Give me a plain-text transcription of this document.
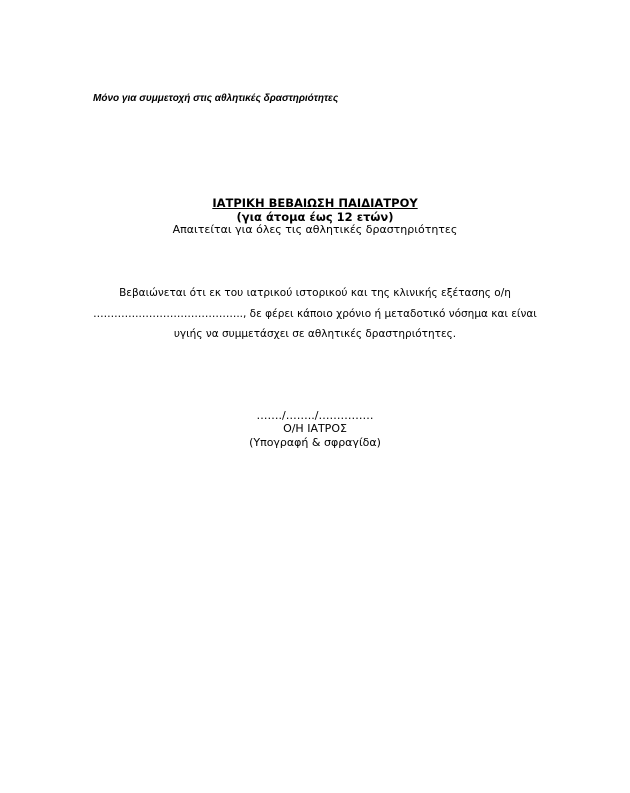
Μόνο για συμμετοχή στις αθλητικές δραστηριότητες
ΙΑΤΡΙΚΗ ΒΕΒΑΙΩΣΗ ΠΑΙΔΙΑΤΡΟΥ
(για άτομα έως 12 ετών)
Απαιτείται για όλες τις αθλητικές δραστηριότητες
Βεβαιώνεται ότι εκ του ιατρικού ιστορικού και της κλινικής εξέτασης ο/η
…………..……………………….., δε φέρει κάποιο χρόνιο ή μεταδοτικό νόσημα και είναι
υγιής να συμμετάσχει σε αθλητικές δραστηριότητες.
……./……../……………
Ο/Η ΙΑΤΡΟΣ
(Υπογραφή & σφραγίδα)
